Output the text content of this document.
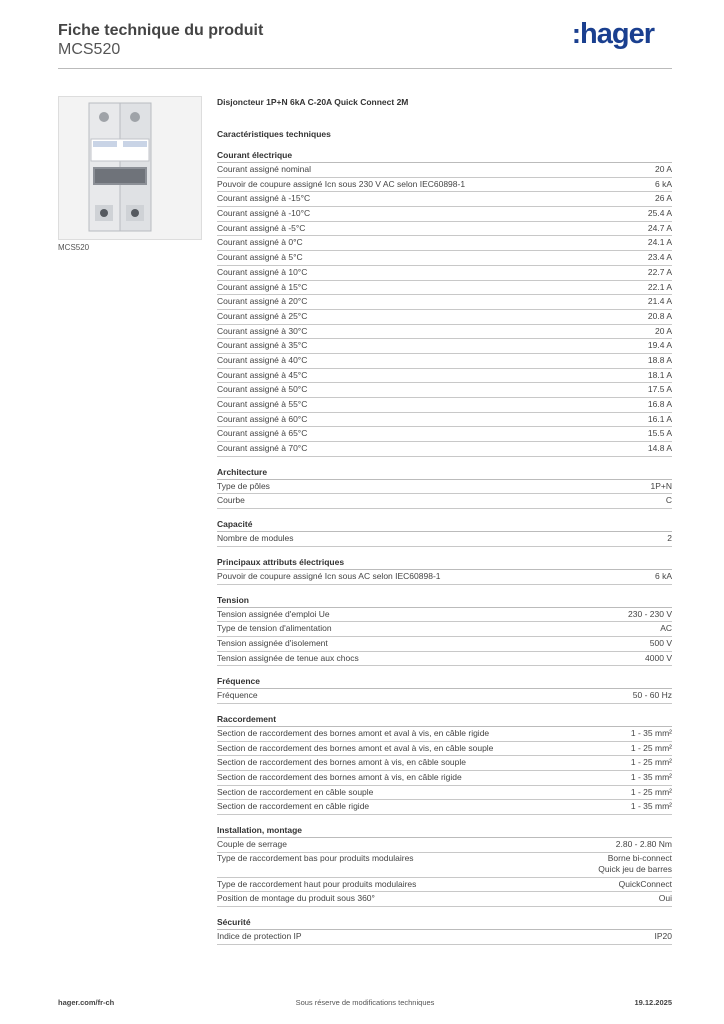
Fiche technique du produit
MCS520
:hager
MCS520
Disjoncteur 1P+N 6kA C-20A Quick Connect 2M
Caractéristiques techniques
Courant électrique
Courant assigné nominal	20 A
Pouvoir de coupure assigné Icn sous 230 V AC selon IEC60898-1	6 kA
Courant assigné à -15°C	26 A
Courant assigné à -10°C	25.4 A
Courant assigné à -5°C	24.7 A
Courant assigné à 0°C	24.1 A
Courant assigné à 5°C	23.4 A
Courant assigné à 10°C	22.7 A
Courant assigné à 15°C	22.1 A
Courant assigné à 20°C	21.4 A
Courant assigné à 25°C	20.8 A
Courant assigné à 30°C	20 A
Courant assigné à 35°C	19.4 A
Courant assigné à 40°C	18.8 A
Courant assigné à 45°C	18.1 A
Courant assigné à 50°C	17.5 A
Courant assigné à 55°C	16.8 A
Courant assigné à 60°C	16.1 A
Courant assigné à 65°C	15.5 A
Courant assigné à 70°C	14.8 A
Architecture
Type de pôles	1P+N
Courbe	C
Capacité
Nombre de modules	2
Principaux attributs électriques
Pouvoir de coupure assigné Icn sous AC selon IEC60898-1	6 kA
Tension
Tension assignée d'emploi Ue	230 - 230 V
Type de tension d'alimentation	AC
Tension assignée d'isolement	500 V
Tension assignée de tenue aux chocs	4000 V
Fréquence
Fréquence	50 - 60 Hz
Raccordement
Section de raccordement des bornes amont et aval à vis, en câble rigide	1 - 35 mm²
Section de raccordement des bornes amont et aval à vis, en câble souple	1 - 25 mm²
Section de raccordement des bornes amont à vis, en câble souple	1 - 25 mm²
Section de raccordement des bornes amont à vis, en câble rigide	1 - 35 mm²
Section de raccordement en câble souple	1 - 25 mm²
Section de raccordement en câble rigide	1 - 35 mm²
Installation, montage
Couple de serrage	2.80 - 2.80 Nm
Type de raccordement bas pour produits modulaires	Borne bi-connect
Quick jeu de barres
Type de raccordement haut pour produits modulaires	QuickConnect
Position de montage du produit sous 360°	Oui
Sécurité
Indice de protection IP	IP20
hager.com/fr-ch	Sous réserve de modifications techniques	19.12.2025
